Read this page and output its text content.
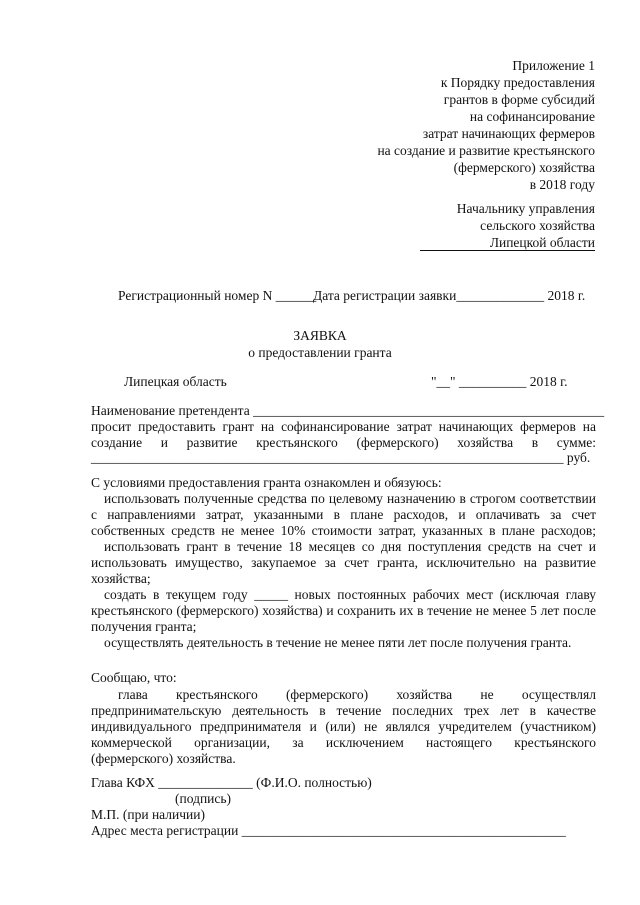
Приложение 1
к Порядку предоставления
грантов в форме субсидий
на софинансирование
затрат начинающих фермеров
на создание и развитие крестьянского
(фермерского) хозяйства
в 2018 году
Начальнику управления
сельского хозяйства
Липецкой области
Регистрационный номер N ______
Дата регистрации заявки_____________ 2018 г.
ЗАЯВКА
о предоставлении гранта
Липецкая область	"__" __________ 2018 г.
Наименование претендента ____________________________________________________
просит предоставить грант на софинансирование затрат начинающих фермеров на
создание и развитие крестьянского (фермерского) хозяйства в сумме:
______________________________________________________________________ руб.
С условиями предоставления гранта ознакомлен и обязуюсь:
использовать полученные средства по целевому назначению в строгом соответствии
с направлениями затрат, указанными в плане расходов, и оплачивать за счет
собственных средств не менее 10% стоимости затрат, указанных в плане расходов;
использовать грант в течение 18 месяцев со дня поступления средств на счет и
использовать имущество, закупаемое за счет гранта, исключительно на развитие
хозяйства;
создать в текущем году _____ новых постоянных рабочих мест (исключая главу
крестьянского (фермерского) хозяйства) и сохранить их в течение не менее 5 лет после
получения гранта;
осуществлять деятельность в течение не менее пяти лет после получения гранта.
Сообщаю, что:
глава крестьянского (фермерского) хозяйства не осуществлял
предпринимательскую деятельность в течение последних трех лет в качестве
индивидуального предпринимателя и (или) не являлся учредителем (участником)
коммерческой организации, за исключением настоящего крестьянского
(фермерского) хозяйства.
Глава КФХ ______________ (Ф.И.О. полностью)
(подпись)
М.П. (при наличии)
Адрес места регистрации ________________________________________________
